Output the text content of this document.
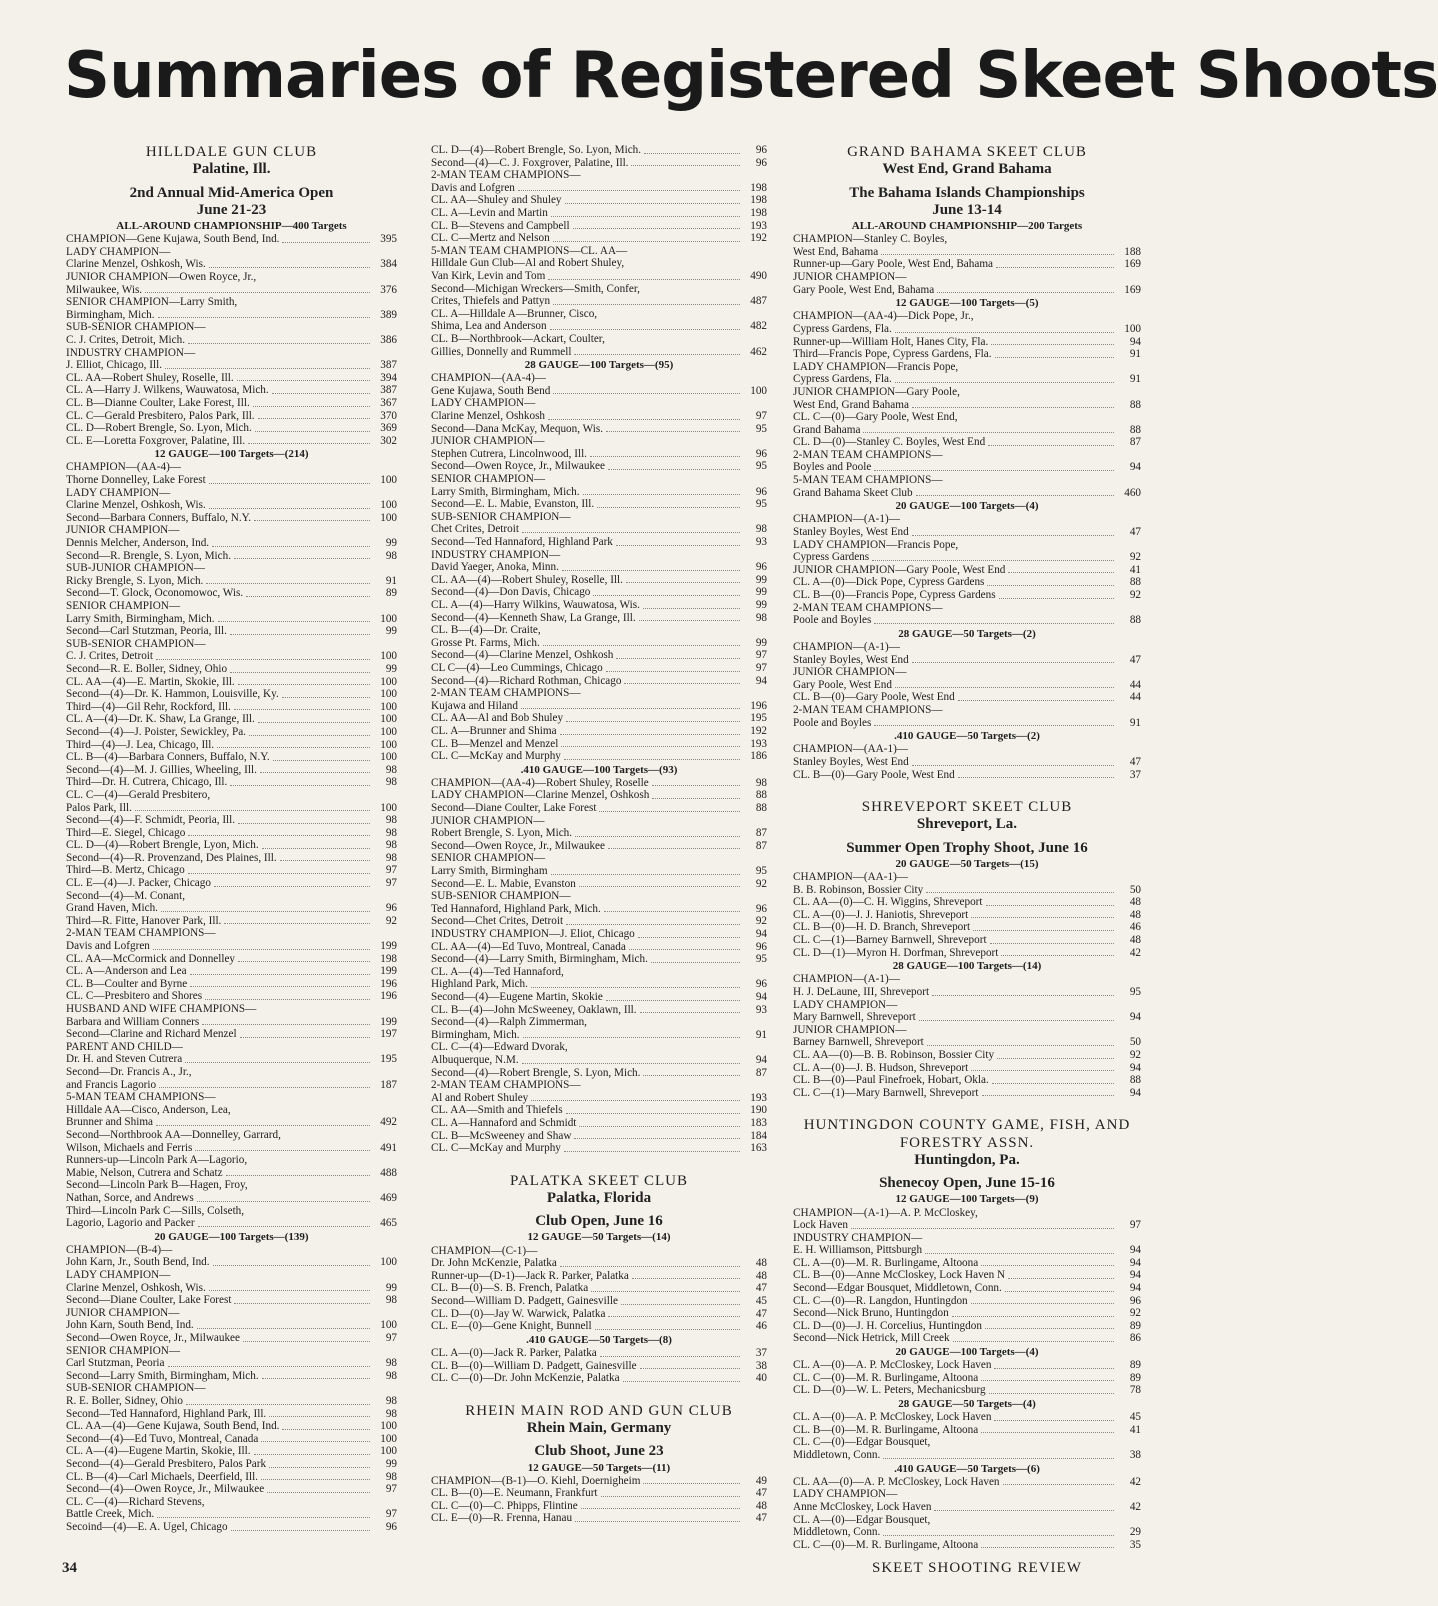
Summaries of Registered Skeet Shoots
HILLDALE GUN CLUB
Palatine, Ill.
2nd Annual Mid-America Open
June 21-23
ALL-AROUND CHAMPIONSHIP—400 Targets
CHAMPION—Gene Kujawa, South Bend, Ind.	395
LADY CHAMPION—
Clarine Menzel, Oshkosh, Wis.	384
JUNIOR CHAMPION—Owen Royce, Jr.,
Milwaukee, Wis.	376
SENIOR CHAMPION—Larry Smith,
Birmingham, Mich.	389
SUB-SENIOR CHAMPION—
C. J. Crites, Detroit, Mich.	386
INDUSTRY CHAMPION—
J. Elliot, Chicago, Ill.	387
CL. AA—Robert Shuley, Roselle, Ill.	394
CL. A—Harry J. Wilkens, Wauwatosa, Mich.	387
CL. B—Dianne Coulter, Lake Forest, Ill.	367
CL. C—Gerald Presbitero, Palos Park, Ill.	370
CL. D—Robert Brengle, So. Lyon, Mich.	369
CL. E—Loretta Foxgrover, Palatine, Ill.	302
12 GAUGE—100 Targets—(214)
CHAMPION—(AA-4)—
Thorne Donnelley, Lake Forest	100
LADY CHAMPION—
Clarine Menzel, Oshkosh, Wis.	100
Second—Barbara Conners, Buffalo, N.Y.	100
JUNIOR CHAMPION—
Dennis Melcher, Anderson, Ind.	99
Second—R. Brengle, S. Lyon, Mich.	98
SUB-JUNIOR CHAMPION—
Ricky Brengle, S. Lyon, Mich.	91
Second—T. Glock, Oconomowoc, Wis.	89
SENIOR CHAMPION—
Larry Smith, Birmingham, Mich.	100
Second—Carl Stutzman, Peoria, Ill.	99
SUB-SENIOR CHAMPION—
C. J. Crites, Detroit	100
Second—R. E. Boller, Sidney, Ohio	99
CL. AA—(4)—E. Martin, Skokie, Ill.	100
Second—(4)—Dr. K. Hammon, Louisville, Ky.	100
Third—(4)—Gil Rehr, Rockford, Ill.	100
CL. A—(4)—Dr. K. Shaw, La Grange, Ill.	100
Second—(4)—J. Poister, Sewickley, Pa.	100
Third—(4)—J. Lea, Chicago, Ill.	100
CL. B—(4)—Barbara Conners, Buffalo, N.Y.	100
Second—(4)—M. J. Gillies, Wheeling, Ill.	98
Third—Dr. H. Cutrera, Chicago, Ill.	98
CL. C—(4)—Gerald Presbitero,
Palos Park, Ill.	100
Second—(4)—F. Schmidt, Peoria, Ill.	98
Third—E. Siegel, Chicago	98
CL. D—(4)—Robert Brengle, Lyon, Mich.	98
Second—(4)—R. Provenzand, Des Plaines, Ill.	98
Third—B. Mertz, Chicago	97
CL. E—(4)—J. Packer, Chicago	97
Second—(4)—M. Conant,
Grand Haven, Mich.	96
Third—R. Fitte, Hanover Park, Ill.	92
2-MAN TEAM CHAMPIONS—
Davis and Lofgren	199
CL. AA—McCormick and Donnelley	198
CL. A—Anderson and Lea	199
CL. B—Coulter and Byrne	196
CL. C—Presbitero and Shores	196
HUSBAND AND WIFE CHAMPIONS—
Barbara and William Conners	199
Second—Clarine and Richard Menzel	197
PARENT AND CHILD—
Dr. H. and Steven Cutrera	195
Second—Dr. Francis A., Jr.,
and Francis Lagorio	187
5-MAN TEAM CHAMPIONS—
Hilldale AA—Cisco, Anderson, Lea,
Brunner and Shima	492
Second—Northbrook AA—Donnelley, Garrard,
Wilson, Michaels and Ferris	491
Runners-up—Lincoln Park A—Lagorio,
Mabie, Nelson, Cutrera and Schatz	488
Second—Lincoln Park B—Hagen, Froy,
Nathan, Sorce, and Andrews	469
Third—Lincoln Park C—Sills, Colseth,
Lagorio, Lagorio and Packer	465
20 GAUGE—100 Targets—(139)
CHAMPION—(B-4)—
John Karn, Jr., South Bend, Ind.	100
LADY CHAMPION—
Clarine Menzel, Oshkosh, Wis.	99
Second—Diane Coulter, Lake Forest	98
JUNIOR CHAMPION—
John Karn, South Bend, Ind.	100
Second—Owen Royce, Jr., Milwaukee	97
SENIOR CHAMPION—
Carl Stutzman, Peoria	98
Second—Larry Smith, Birmingham, Mich.	98
SUB-SENIOR CHAMPION—
R. E. Boller, Sidney, Ohio	98
Second—Ted Hannaford, Highland Park, Ill.	98
CL. AA—(4)—Gene Kujawa, South Bend, Ind.	100
Second—(4)—Ed Tuvo, Montreal, Canada	100
CL. A—(4)—Eugene Martin, Skokie, Ill.	100
Second—(4)—Gerald Presbitero, Palos Park	99
CL. B—(4)—Carl Michaels, Deerfield, Ill.	98
Second—(4)—Owen Royce, Jr., Milwaukee	97
CL. C—(4)—Richard Stevens,
Battle Creek, Mich.	97
Secoind—(4)—E. A. Ugel, Chicago	96
CL. D—(4)—Robert Brengle, So. Lyon, Mich.	96
Second—(4)—C. J. Foxgrover, Palatine, Ill.	96
2-MAN TEAM CHAMPIONS—
Davis and Lofgren	198
CL. AA—Shuley and Shuley	198
CL. A—Levin and Martin	198
CL. B—Stevens and Campbell	193
CL. C—Mertz and Nelson	192
5-MAN TEAM CHAMPIONS—CL. AA—
Hilldale Gun Club—Al and Robert Shuley,
Van Kirk, Levin and Tom	490
Second—Michigan Wreckers—Smith, Confer,
Crites, Thiefels and Pattyn	487
CL. A—Hilldale A—Brunner, Cisco,
Shima, Lea and Anderson	482
CL. B—Northbrook—Ackart, Coulter,
Gillies, Donnelly and Rummell	462
28 GAUGE—100 Targets—(95)
CHAMPION—(AA-4)—
Gene Kujawa, South Bend	100
LADY CHAMPION—
Clarine Menzel, Oshkosh	97
Second—Dana McKay, Mequon, Wis.	95
JUNIOR CHAMPION—
Stephen Cutrera, Lincolnwood, Ill.	96
Second—Owen Royce, Jr., Milwaukee	95
SENIOR CHAMPION—
Larry Smith, Birmingham, Mich.	96
Second—E. L. Mabie, Evanston, Ill.	95
SUB-SENIOR CHAMPION—
Chet Crites, Detroit	98
Second—Ted Hannaford, Highland Park	93
INDUSTRY CHAMPION—
David Yaeger, Anoka, Minn.	96
CL. AA—(4)—Robert Shuley, Roselle, Ill.	99
Second—(4)—Don Davis, Chicago	99
CL. A—(4)—Harry Wilkins, Wauwatosa, Wis.	99
Second—(4)—Kenneth Shaw, La Grange, Ill.	98
CL. B—(4)—Dr. Craite,
Grosse Pt. Farms, Mich.	99
Second—(4)—Clarine Menzel, Oshkosh	97
CL C—(4)—Leo Cummings, Chicago	97
Second—(4)—Richard Rothman, Chicago	94
2-MAN TEAM CHAMPIONS—
Kujawa and Hiland	196
CL. AA—Al and Bob Shuley	195
CL. A—Brunner and Shima	192
CL. B—Menzel and Menzel	193
CL. C—McKay and Murphy	186
.410 GAUGE—100 Targets—(93)
CHAMPION—(AA-4)—Robert Shuley, Roselle	98
LADY CHAMPION—Clarine Menzel, Oshkosh	88
Second—Diane Coulter, Lake Forest	88
JUNIOR CHAMPION—
Robert Brengle, S. Lyon, Mich.	87
Second—Owen Royce, Jr., Milwaukee	87
SENIOR CHAMPION—
Larry Smith, Birmingham	95
Second—E. L. Mabie, Evanston	92
SUB-SENIOR CHAMPION—
Ted Hannaford, Highland Park, Mich.	96
Second—Chet Crites, Detroit	92
INDUSTRY CHAMPION—J. Eliot, Chicago	94
CL. AA—(4)—Ed Tuvo, Montreal, Canada	96
Second—(4)—Larry Smith, Birmingham, Mich.	95
CL. A—(4)—Ted Hannaford,
Highland Park, Mich.	96
Second—(4)—Eugene Martin, Skokie	94
CL. B—(4)—John McSweeney, Oaklawn, Ill.	93
Second—(4)—Ralph Zimmerman,
Birmingham, Mich.	91
CL. C—(4)—Edward Dvorak,
Albuquerque, N.M.	94
Second—(4)—Robert Brengle, S. Lyon, Mich.	87
2-MAN TEAM CHAMPIONS—
Al and Robert Shuley	193
CL. AA—Smith and Thiefels	190
CL. A—Hannaford and Schmidt	183
CL. B—McSweeney and Shaw	184
CL. C—McKay and Murphy	163
PALATKA SKEET CLUB
Palatka, Florida
Club Open, June 16
12 GAUGE—50 Targets—(14)
CHAMPION—(C-1)—
Dr. John McKenzie, Palatka	48
Runner-up—(D-1)—Jack R. Parker, Palatka	48
CL. B—(0)—S. B. French, Palatka	47
Second—William D. Padgett, Gainesville	45
CL. D—(0)—Jay W. Warwick, Palatka	47
CL. E—(0)—Gene Knight, Bunnell	46
.410 GAUGE—50 Targets—(8)
CL. A—(0)—Jack R. Parker, Palatka	37
CL. B—(0)—William D. Padgett, Gainesville	38
CL. C—(0)—Dr. John McKenzie, Palatka	40
RHEIN MAIN ROD AND GUN CLUB
Rhein Main, Germany
Club Shoot, June 23
12 GAUGE—50 Targets—(11)
CHAMPION—(B-1)—O. Kiehl, Doernigheim	49
CL. B—(0)—E. Neumann, Frankfurt	47
CL. C—(0)—C. Phipps, Flintine	48
CL. E—(0)—R. Frenna, Hanau	47
GRAND BAHAMA SKEET CLUB
West End, Grand Bahama
The Bahama Islands Championships
June 13-14
ALL-AROUND CHAMPIONSHIP—200 Targets
CHAMPION—Stanley C. Boyles,
West End, Bahama	188
Runner-up—Gary Poole, West End, Bahama	169
JUNIOR CHAMPION—
Gary Poole, West End, Bahama	169
12 GAUGE—100 Targets—(5)
CHAMPION—(AA-4)—Dick Pope, Jr.,
Cypress Gardens, Fla.	100
Runner-up—William Holt, Hanes City, Fla.	94
Third—Francis Pope, Cypress Gardens, Fla.	91
LADY CHAMPION—Francis Pope,
Cypress Gardens, Fla.	91
JUNIOR CHAMPION—Gary Poole,
West End, Grand Bahama	88
CL. C—(0)—Gary Poole, West End,
Grand Bahama	88
CL. D—(0)—Stanley C. Boyles, West End	87
2-MAN TEAM CHAMPIONS—
Boyles and Poole	94
5-MAN TEAM CHAMPIONS—
Grand Bahama Skeet Club	460
20 GAUGE—100 Targets—(4)
CHAMPION—(A-1)—
Stanley Boyles, West End	47
LADY CHAMPION—Francis Pope,
Cypress Gardens	92
JUNIOR CHAMPION—Gary Poole, West End	41
CL. A—(0)—Dick Pope, Cypress Gardens	88
CL. B—(0)—Francis Pope, Cypress Gardens	92
2-MAN TEAM CHAMPIONS—
Poole and Boyles	88
28 GAUGE—50 Targets—(2)
CHAMPION—(A-1)—
Stanley Boyles, West End	47
JUNIOR CHAMPION—
Gary Poole, West End	44
CL. B—(0)—Gary Poole, West End	44
2-MAN TEAM CHAMPIONS—
Poole and Boyles	91
.410 GAUGE—50 Targets—(2)
CHAMPION—(AA-1)—
Stanley Boyles, West End	47
CL. B—(0)—Gary Poole, West End	37
SHREVEPORT SKEET CLUB
Shreveport, La.
Summer Open Trophy Shoot, June 16
20 GAUGE—50 Targets—(15)
CHAMPION—(AA-1)—
B. B. Robinson, Bossier City	50
CL. AA—(0)—C. H. Wiggins, Shreveport	48
CL. A—(0)—J. J. Haniotis, Shreveport	48
CL. B—(0)—H. D. Branch, Shreveport	46
CL. C—(1)—Barney Barnwell, Shreveport	48
CL. D—(1)—Myron H. Dorfman, Shreveport	42
28 GAUGE—100 Targets—(14)
CHAMPION—(A-1)—
H. J. DeLaune, III, Shreveport	95
LADY CHAMPION—
Mary Barnwell, Shreveport	94
JUNIOR CHAMPION—
Barney Barnwell, Shreveport	50
CL. AA—(0)—B. B. Robinson, Bossier City	92
CL. A—(0)—J. B. Hudson, Shreveport	94
CL. B—(0)—Paul Finefroek, Hobart, Okla.	88
CL. C—(1)—Mary Barnwell, Shreveport	94
HUNTINGDON COUNTY GAME, FISH, AND FORESTRY ASSN.
Huntingdon, Pa.
Shenecoy Open, June 15-16
12 GAUGE—100 Targets—(9)
CHAMPION—(A-1)—A. P. McCloskey,
Lock Haven	97
INDUSTRY CHAMPION—
E. H. Williamson, Pittsburgh	94
CL. A—(0)—M. R. Burlingame, Altoona	94
CL. B—(0)—Anne McCloskey, Lock Haven N	94
Second—Edgar Bousquet, Middletown, Conn.	94
CL. C—(0)—R. Langdon, Huntingdon	96
Second—Nick Bruno, Huntingdon	92
CL. D—(0)—J. H. Corcelius, Huntingdon	89
Second—Nick Hetrick, Mill Creek	86
20 GAUGE—100 Targets—(4)
CL. A—(0)—A. P. McCloskey, Lock Haven	89
CL. C—(0)—M. R. Burlingame, Altoona	89
CL. D—(0)—W. L. Peters, Mechanicsburg	78
28 GAUGE—50 Targets—(4)
CL. A—(0)—A. P. McCloskey, Lock Haven	45
CL. B—(0)—M. R. Burlingame, Altoona	41
CL. C—(0)—Edgar Bousquet,
Middletown, Conn.	38
.410 GAUGE—50 Targets—(6)
CL. AA—(0)—A. P. McCloskey, Lock Haven	42
LADY CHAMPION—
Anne McCloskey, Lock Haven	42
CL. A—(0)—Edgar Bousquet,
Middletown, Conn.	29
CL. C—(0)—M. R. Burlingame, Altoona	35
34	SKEET SHOOTING REVIEW
